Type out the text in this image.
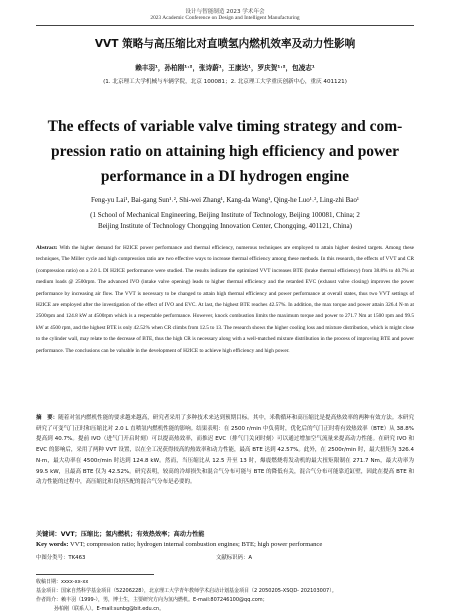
设计与智能制造 2023 学术年会
2023 Academic Conference on Design and Intelligent Manufacturing
VVT 策略与高压缩比对直喷氢内燃机效率及动力性影响
赖丰羽¹，孙柏刚¹˒²，张诗蔚¹，王康达¹，罗庆贺¹˒²，包凌志¹
(1. 北京理工大学机械与车辆学院，北京 100081；2. 北京理工大学重庆创新中心，重庆 401121)
The effects of variable valve timing strategy and com-
pression ratio on attaining high efficiency and power
performance in a DI hydrogen engine
Feng-yu Lai¹, Bai-gang Sun¹˒², Shi-wei Zhang¹, Kang-da Wang¹, Qing-he Luo¹˒², Ling-zhi Bao¹
(1 School of Mechanical Engineering, Beijing Institute of Technology, Beijing 100081, China; 2
Beijing Institute of Technology Chongqing Innovation Center, Chongqing, 401121, China)
Abstract: With the higher demand for H2ICE power performance and thermal efficiency, numerous techniques are employed to attain higher desired targets. Among these techniques, The Miller cycle and high compression ratio are two effective ways to increase thermal efficiency among these methods. In this research, the effects of VVT and CR (compression ratio) on a 2.0 L DI H2ICE performance were studied. The results indicate the optimized VVT increases BTE (brake thermal efficiency) from 38.8% to 40.7% at medium loads @ 2500rpm. The advanced IVO (intake valve opening) leads to higher thermal efficiency and the retarded EVC (exhaust valve closing) improves the power performance by increasing air flow. The VVT is necessary to be changed to attain high thermal efficiency and power performance at overall states, thus two VVT settings of H2ICE are employed after the investigation of the effect of IVO and EVC. At last, the highest BTE reaches 42.57%. In addition, the max torque and power attain 326.4 N·m at 2500rpm and 124.8 kW at 4500rpm which is a respectable performance. However, knock combustion limits the maximum torque and power to 271.7 Nm at 1500 rpm and 99.5 kW at 4500 rpm, and the highest BTE is only 42.52% when CR climbs from 12.5 to 13. The research shows the higher cooling loss and mixture distribution, which is might close to the cylinder wall, may relate to the decrease of BTE, thus the high CR is necessary along with a well-matched mixture distribution in the process of improving BTE and power performance. The conclusions can be valuable in the development of H2ICE to achieve high efficiency and high power.
摘　要：随着对氢内燃机性能的要求越来越高，研究者采用了多种技术来达到预期目标。其中，米勒循环和高压缩比是提高热效率的两种有效方法。本研究研究了可变气门正时和压缩比对 2.0 L 直喷氢内燃机性能的影响。结果表明：在 2500 r/min 中负荷时，优化后的气门正时将有效热效率（BTE）从 38.8%提高到 40.7%。提前 IVO（进气门开启时刻）可以提高热效率，而推迟 EVC（排气门关闭时刻）可以通过增加空气流量来提高动力性能。在研究 IVO 和 EVC 的影响后，采用了两种 VVT 设置，以在全工况获得较高的热效率和动力性能，最高 BTE 达到 42.57%。此外，在 2500r/min 时，最大扭矩为 326.4 N·m，最大功率在 4500r/min 时达到 124.8 kW。然而，当压缩比从 12.5 升至 13 时，爆震燃烧将发动机的最大扭矩限制在 271.7 Nm，最大功率为 99.5 kW，且最高 BTE 仅为 42.52%。研究表明，较高的冷却损失和混合气分布可能与 BTE 的降低有关，混合气分布可能靠近缸壁，因此在提高 BTE 和动力性能的过程中，高压缩比和良好匹配的混合气分布是必要的。
关键词：VVT；压缩比；氢内燃机；有效热效率；高动力性能
Key words: VVT; compression ratio; hydrogen internal combustion engines; BTE; high power performance
中图分类号：TK463	文献标识码：A
收稿日期：xxxx-xx-xx
基金项目：国家自然科学基金项目（52206228），北京理工大学青年教师学术启动计划基金项目（2 2050205-XSQD- 202103007）。
作者简介：赖丰羽（1999-），男，博士生，主要研究方向为氢内燃机。E-mail:807246100@qq.com；
孙柏刚（联系人）。E-mail:sunbg@bit.edu.cn。
